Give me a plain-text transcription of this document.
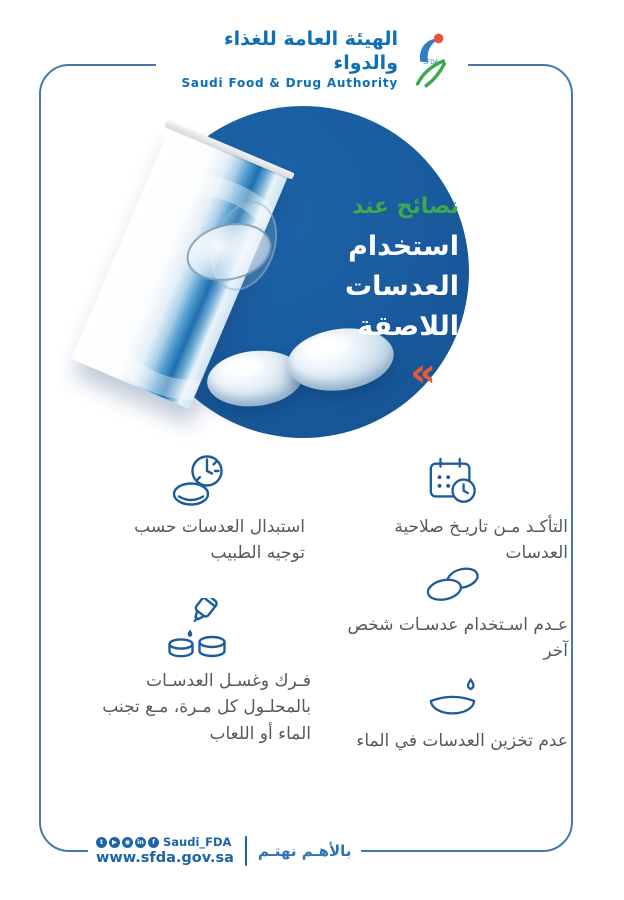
الهيئة العامة للغذاء والدواء
Saudi Food & Drug Authority
SFDA
نصائح عند
استخدام
العدسات
اللاصقة
«
التأكـد مـن تاريـخ صلاحية العدسات
استبدال العدسات حسب توجيه الطبيب
عـدم اسـتخدام عدسـات شخص آخر
فـرك وغسـل العدسـات بالمحلـول كل مـرة، مـع تجنب الماء أو اللعاب	عدم تخزين العدسات في الماء
t	▶	◉	in	f Saudi_FDA
www.sfda.gov.sa بالأهـم نهتـم
